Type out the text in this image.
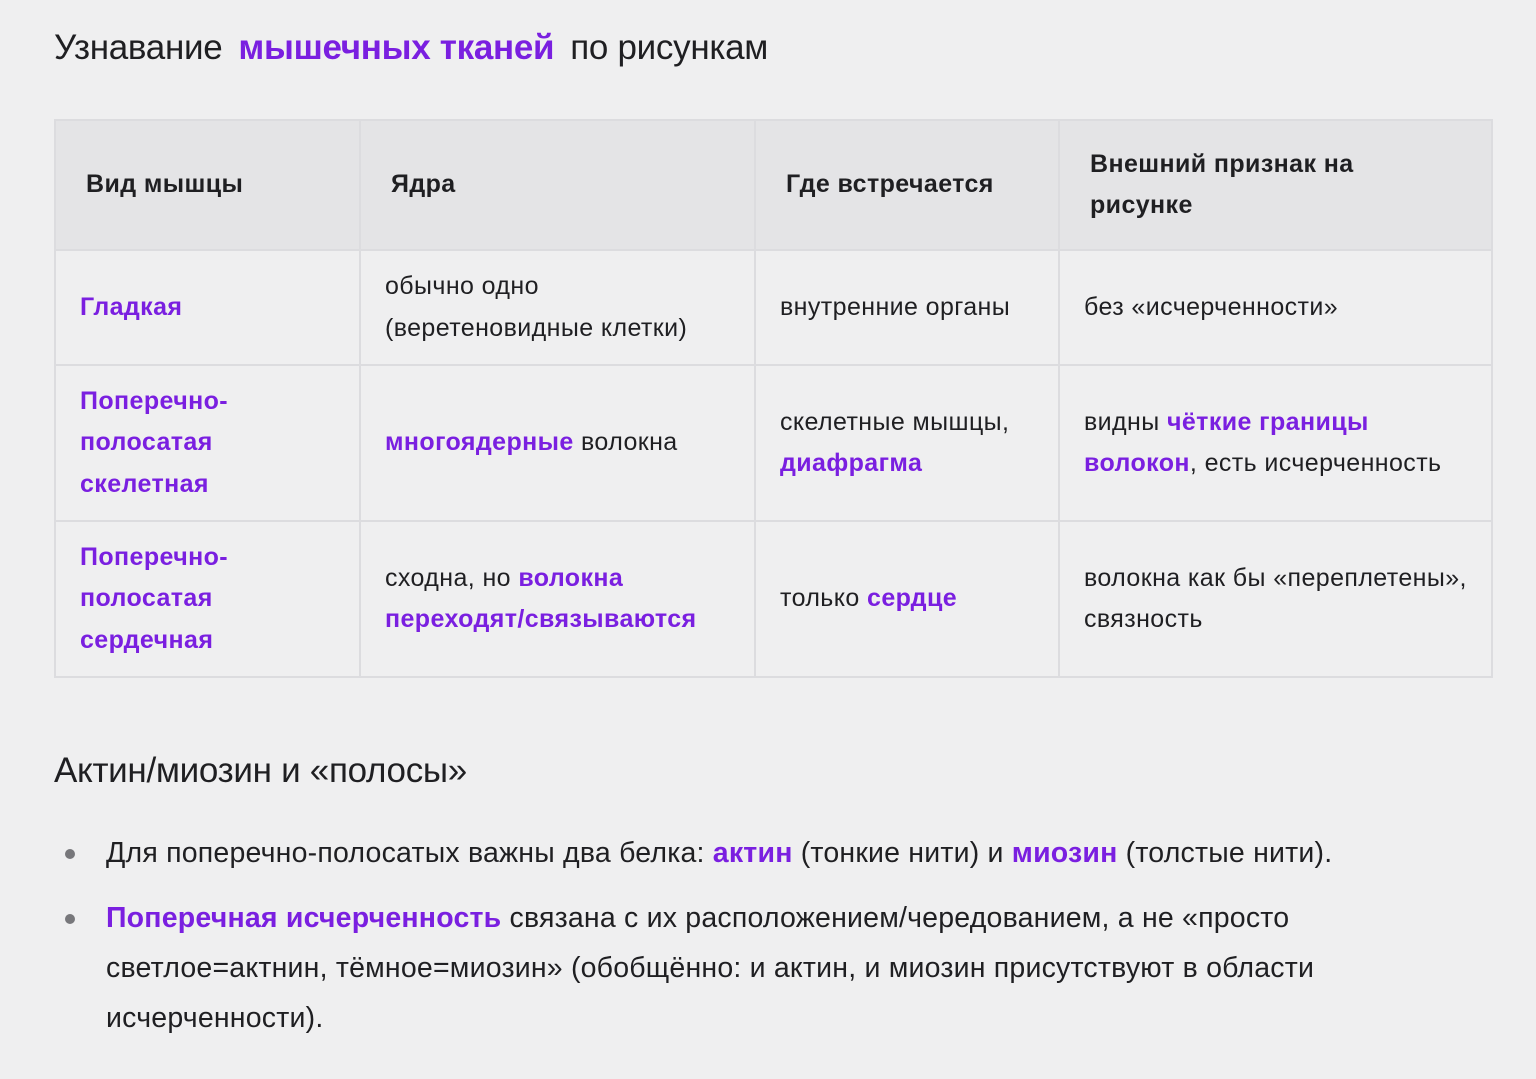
Узнавание мышечных тканей по рисункам
Вид мышцы	Ядра	Где встречается	Внешний признак на рисунке
Гладкая	обычно одно (веретеновидные клетки)	внутренние органы	без «исчерченности»
Поперечно-полосатая скелетная	многоядерные волокна	скелетные мышцы, диафрагма	видны чёткие границы волокон, есть исчерченность
Поперечно-полосатая сердечная	сходна, но волокна переходят/связываются	только сердце	волокна как бы «переплетены», связность
Актин/миозин и «полосы»
Для поперечно-полосатых важны два белка: актин (тонкие нити) и миозин (толстые нити).
Поперечная исчерченность связана с их расположением/чередованием, а не «просто светлое=актнин, тёмное=миозин» (обобщённо: и актин, и миозин присутствуют в области исчерченности).
